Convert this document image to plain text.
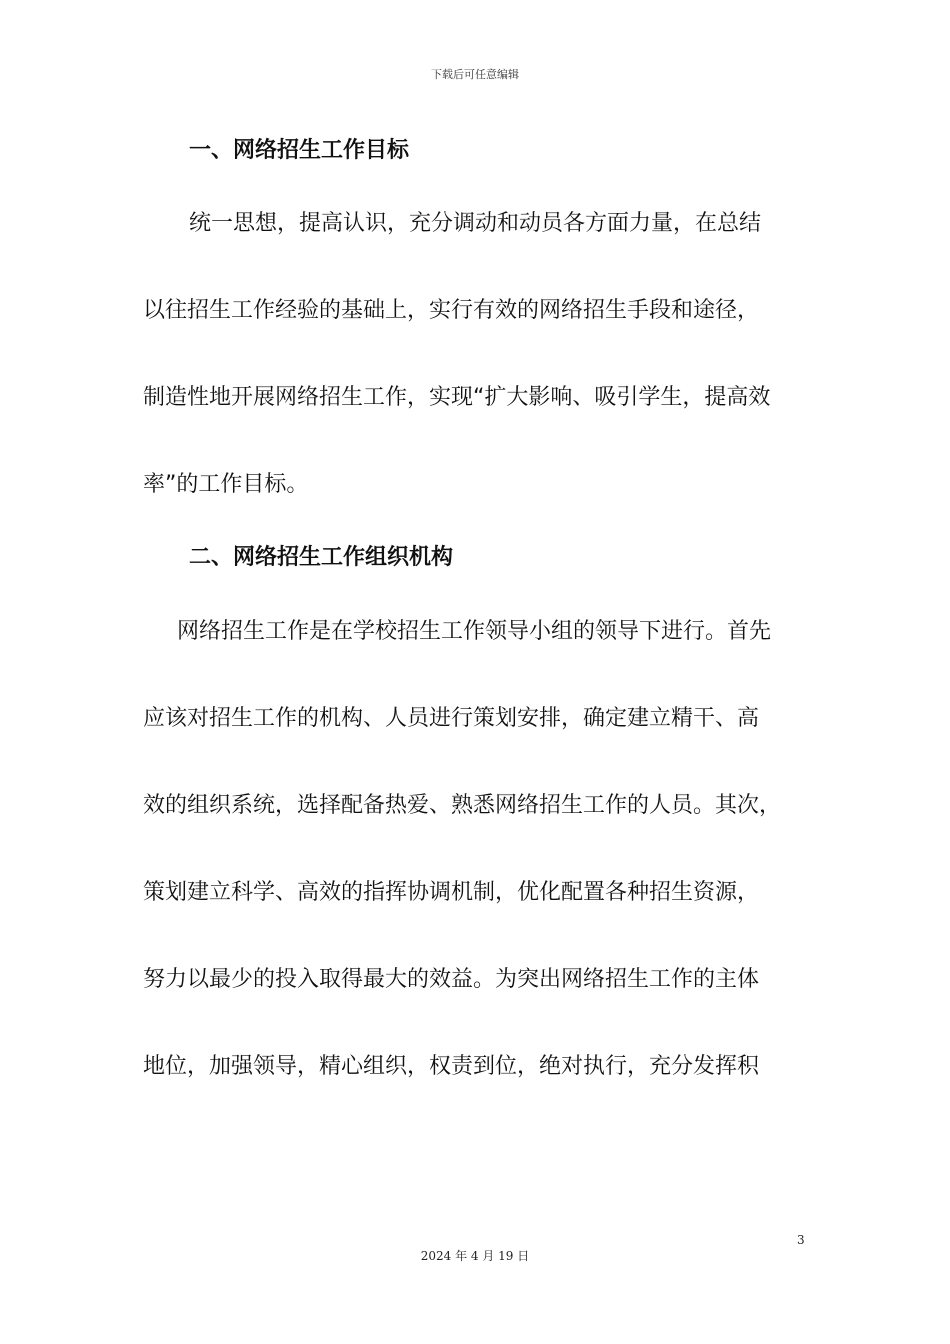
下载后可任意编辑
一、网络招生工作目标
统一思想，提高认识，充分调动和动员各方面力量，在总结
以往招生工作经验的基础上，实行有效的网络招生手段和途径，
制造性地开展网络招生工作，实现“扩大影响、吸引学生，提高效
率”的工作目标。
二、网络招生工作组织机构
网络招生工作是在学校招生工作领导小组的领导下进行。首先
应该对招生工作的机构、人员进行策划安排，确定建立精干、高
效的组织系统，选择配备热爱、熟悉网络招生工作的人员。其次，
策划建立科学、高效的指挥协调机制，优化配置各种招生资源，
努力以最少的投入取得最大的效益。为突出网络招生工作的主体
地位，加强领导，精心组织，权责到位，绝对执行，充分发挥积
3
2024 年 4 月 19 日
